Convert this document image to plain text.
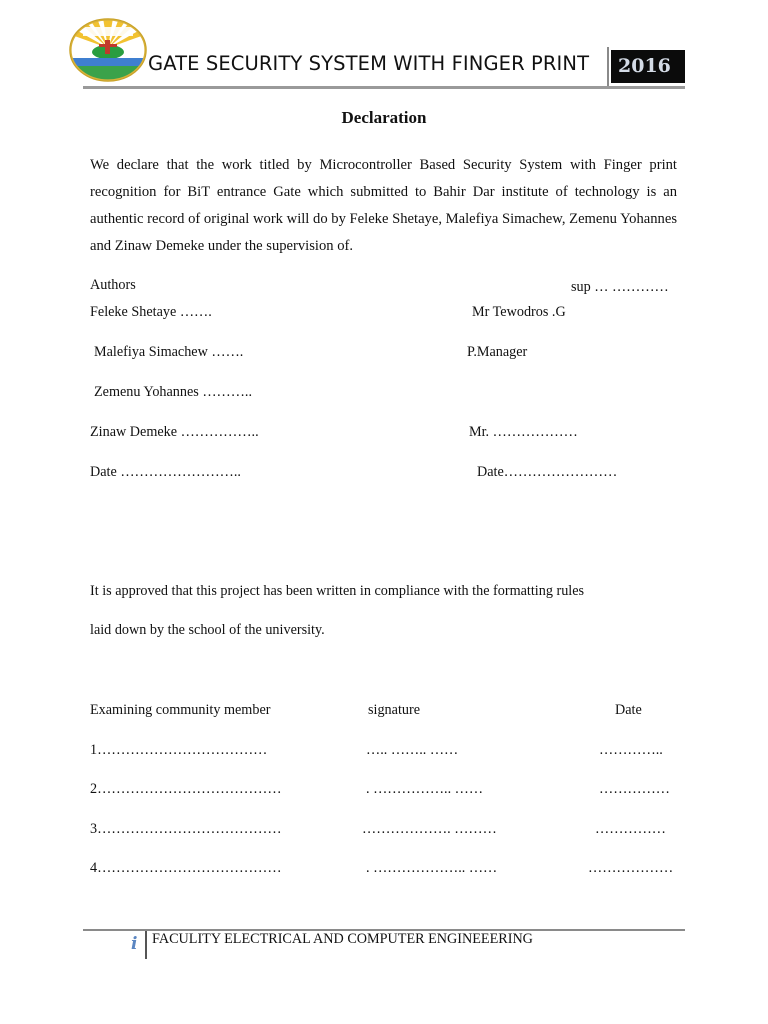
GATE SECURITY SYSTEM WITH FINGER PRINT	2016
Declaration
We declare that the work titled by Microcontroller Based Security System with Finger print recognition for BiT entrance Gate which submitted to Bahir Dar institute of technology is an authentic record of original work will do by Feleke Shetaye, Malefiya Simachew, Zemenu Yohannes and Zinaw Demeke under the supervision of.
Authors	sup … …………
Feleke Shetaye …….	Mr Tewodros .G
Malefiya Simachew …….	P.Manager
Zemenu Yohannes ………..
Zinaw Demeke ……………..	Mr. ………………
Date ……………………..	Date……………………
It is approved that this project has been written in compliance with the formatting rules
laid down by the school of the university.
Examining community member	signature	Date
1………………………………	….. …….. ……	…………..
2…………………………………	. …………….. ……	……………
3…………………………………	………………. ………	……………
4…………………………………	. ……………….. ……	………………
i FACULITY ELECTRICAL AND COMPUTER ENGINEEERING
